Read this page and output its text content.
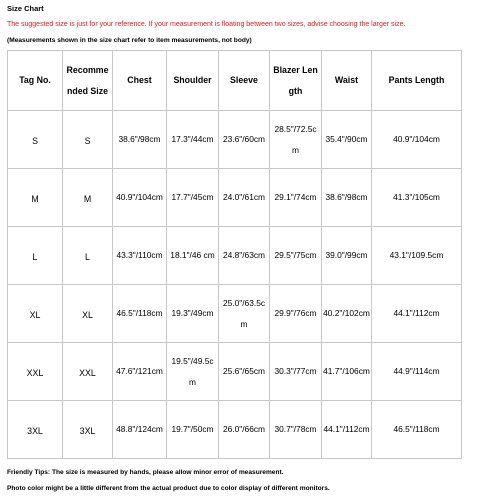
Size Chart
The suggested size is just for your reference. If your measurement is floating between two sizes, advise choosing the larger size.
(Measurements shown in the size chart refer to item measurements, not body)
Tag No.	Recommended Size	Chest	Shoulder	Sleeve	Blazer Length	Waist	Pants Length

S	S	38.6"/98cm	17.3"/44cm	23.6"/60cm	28.5"/72.5cm	35.4"/90cm	40.9"/104cm

M	M	40.9"/104cm	17.7"/45cm	24.0"/61cm	29.1"/74cm	38.6"/98cm	41.3"/105cm

L	L	43.3"/110cm	18.1"/46 cm	24.8"/63cm	29.5"/75cm	39.0"/99cm	43.1"/109.5cm

XL	XL	46.5"/118cm	19.3"/49cm	25.0"/63.5cm	29.9"/76cm	40.2"/102cm	44.1"/112cm

XXL	XXL	47.6"/121cm	19.5"/49.5cm	25.6"/65cm	30.3"/77cm	41.7"/106cm	44.9"/114cm

3XL	3XL	48.8"/124cm	19.7"/50cm	26.0"/66cm	30.7"/78cm	44.1"/112cm	46.5"/118cm
Friendly Tips: The size is measured by hands, please allow minor error of measurement.
Photo color might be a little different from the actual product due to color display of different monitors.
